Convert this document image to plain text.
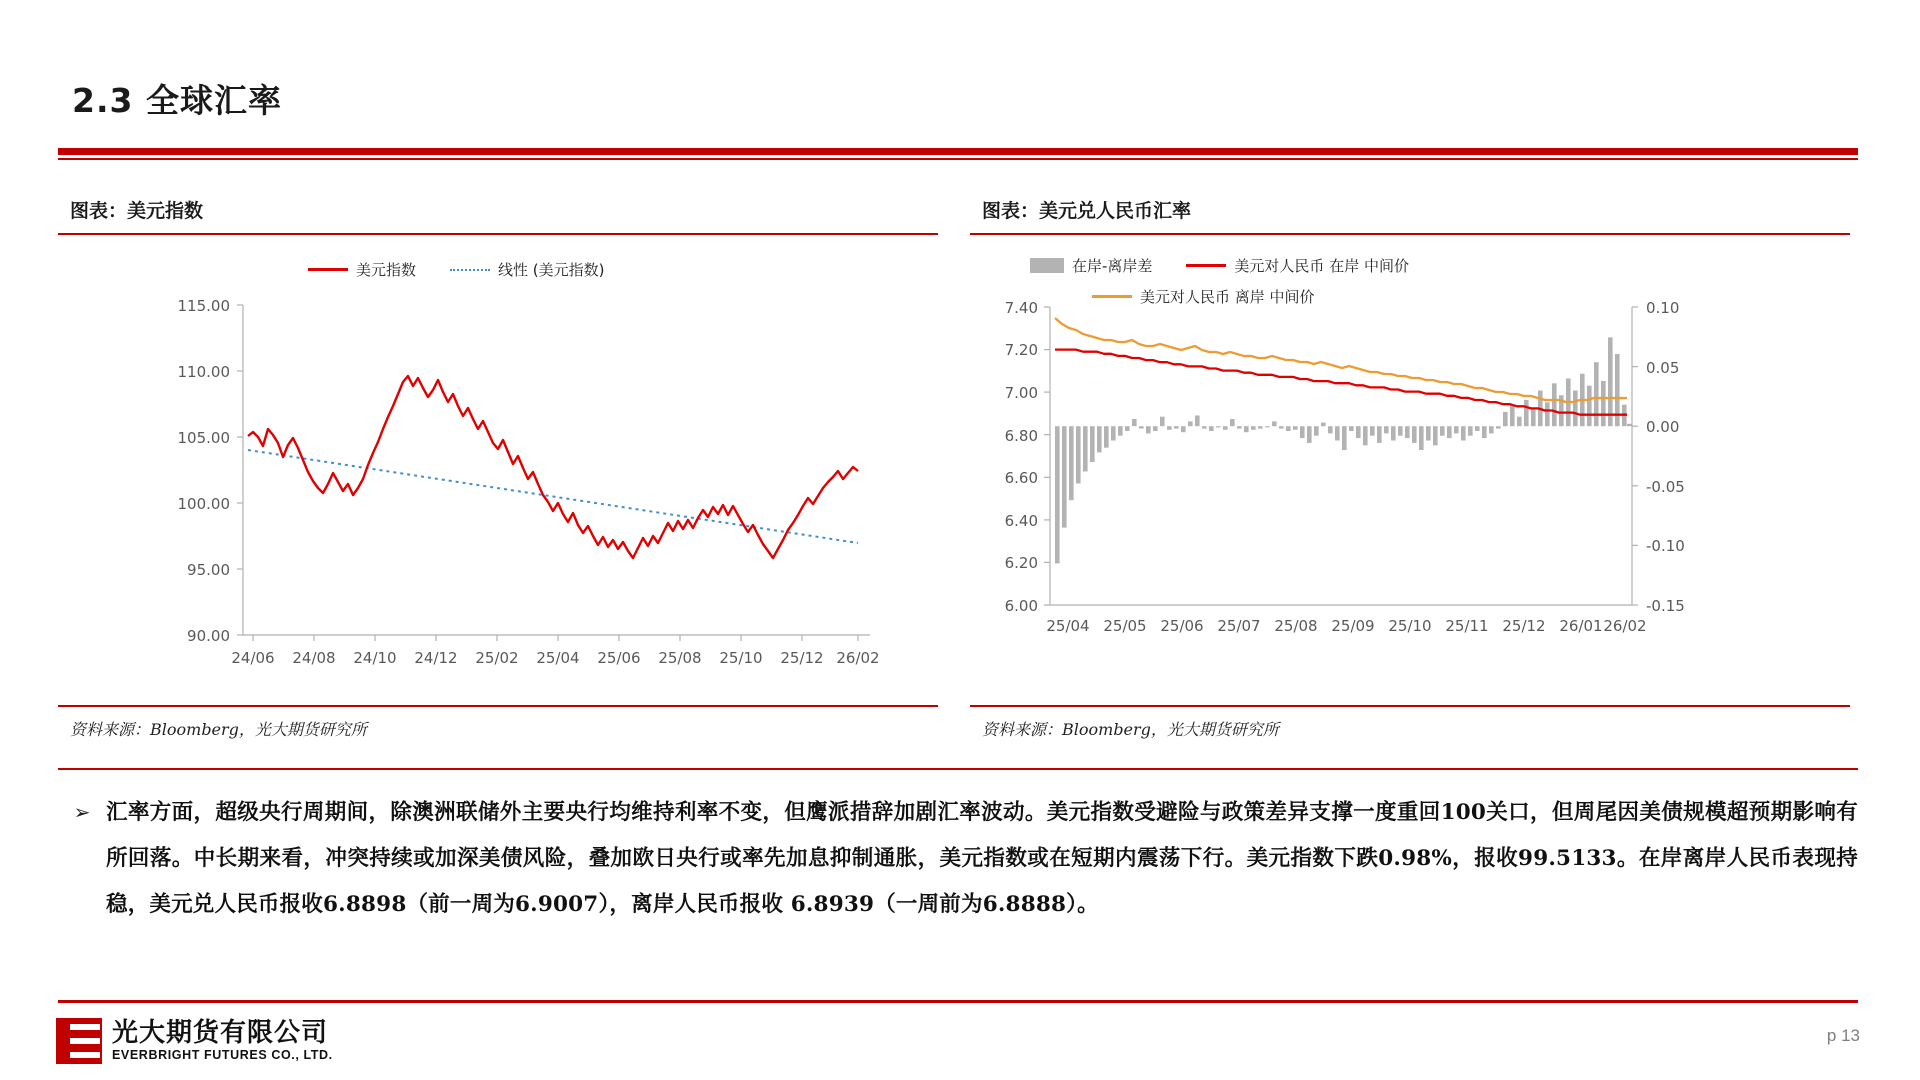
2.3 全球汇率
图表：美元指数
美元指数	线性 (美元指数)
90.00
95.00
100.00
105.00
110.00
115.00
24/06 24/08 24/10 24/12 25/02 25/04 25/06 25/08 25/10 25/12 26/02
资料来源：Bloomberg，光大期货研究所
图表：美元兑人民币汇率
在岸-离岸差	美元对人民币 在岸 中间价
美元对人民币 离岸 中间价
6.00
6.20
6.40
6.60
6.80
7.00
7.20
7.40
-0.15
-0.10
-0.05
0.00
0.05
0.10
25/04 25/05 25/06 25/07 25/08 25/09 25/10 25/11 25/12 26/01 26/02
资料来源：Bloomberg，光大期货研究所
➢ 汇率方面，超级央行周期间，除澳洲联储外主要央行均维持利率不变，但鹰派措辞加剧汇率波动。美元指数受避险与政策差异支撑一度重回100关口，但周尾因美债规模超预期影响有所回落。中长期来看，冲突持续或加深美债风险，叠加欧日央行或率先加息抑制通胀，美元指数或在短期内震荡下行。美元指数下跌0.98%，报收99.5133。在岸离岸人民币表现持稳，美元兑人民币报收6.8898（前一周为6.9007），离岸人民币报收 6.8939（一周前为6.8888）。
光大期货有限公司
EVERBRIGHT FUTURES CO., LTD.
p 13
